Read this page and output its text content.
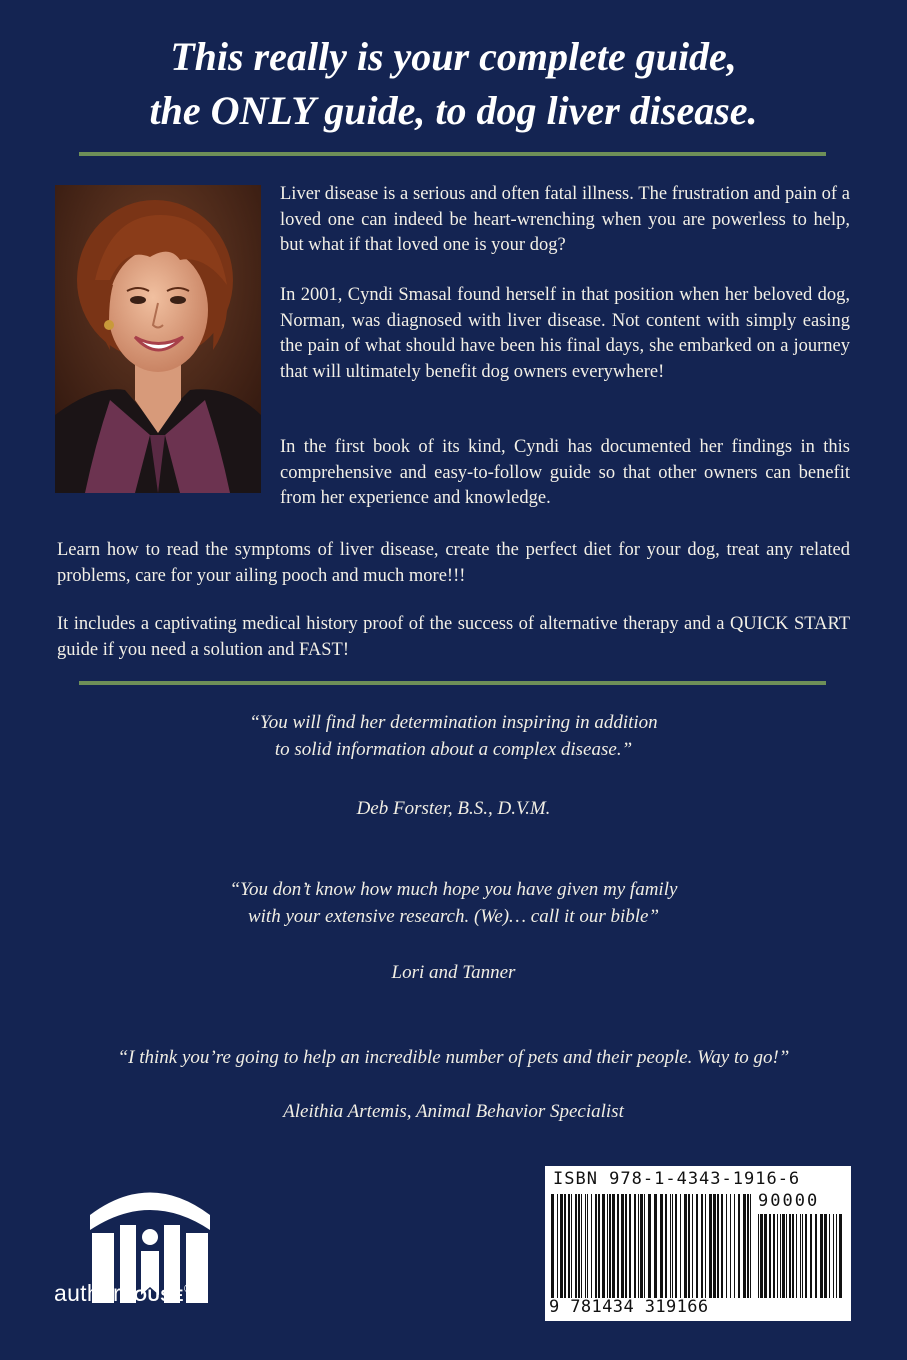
This really is your complete guide,
the ONLY guide, to dog liver disease.

Liver disease is a serious and often fatal illness. The frustration and pain of a loved one can indeed be heart-wrenching when you are powerless to help, but what if that loved one is your dog?

In 2001, Cyndi Smasal found herself in that position when her beloved dog, Norman, was diagnosed with liver disease. Not content with simply easing the pain of what should have been his final days, she embarked on a journey that will ultimately benefit dog owners everywhere!

In the first book of its kind, Cyndi has documented her findings in this comprehensive and easy-to-follow guide so that other owners can benefit from her experience and knowledge.

Learn how to read the symptoms of liver disease, create the perfect diet for your dog, treat any related problems, care for your ailing pooch and much more!!!

It includes a captivating medical history proof of the success of alternative therapy and a QUICK START guide if you need a solution and FAST!

“You will find her determination inspiring in addition
to solid information about a complex disease.”
Deb Forster, B.S., D.V.M.
“You don’t know how much hope you have given my family
with your extensive research. (We)… call it our bible”
Lori and Tanner
“I think you’re going to help an incredible number of pets and their people. Way to go!”
Aleithia Artemis, Animal Behavior Specialist
authorHOUSE®
ISBN 978-1-4343-1916-6
90000
9 781434 319166
